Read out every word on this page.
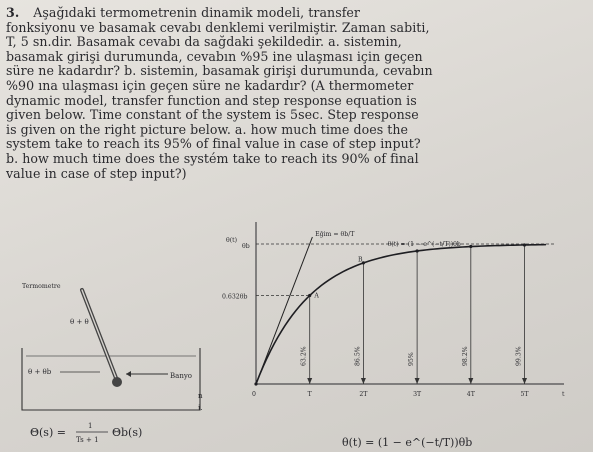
3. Aşağıdaki termometrenin dinamik modeli, transfer
fonksiyonu ve basamak cevabı denklemi verilmiştir. Zaman sabiti,
T, 5 sn.dir. Basamak cevabı da sağdaki şekildedir. a. sistemin,
basamak girişi durumunda, cevabın %95 ine ulaşması için geçen
süre ne kadardır? b. sistemin, basamak girişi durumunda, cevabın
%90 ına ulaşması için geçen süre ne kadardır? (A thermometer
dynamic model, transfer function and step response equation is
given below. Time constant of the system is 5sec. Step response
is given on the right picture below. a. how much time does the
system take to reach its 95% of final value in case of step input?
b. how much time does the systém take to reach its 90% of final
value in case of step input?)

Termometre
θ + θ
θ + θb	Banyo
n
i.
Θ(s) =	1
Ts + 1
Θb(s)
θ(t)
θb
0.632θb
Eğim = θb/T
θ(t) = (1 − e^(−t/T))θb
A
B
0	t
T	2T	3T	4T	5T
63.2%	86.5%	95%	98.2%	99.3%
θ(t) = (1 − e^(−t/T))θb
